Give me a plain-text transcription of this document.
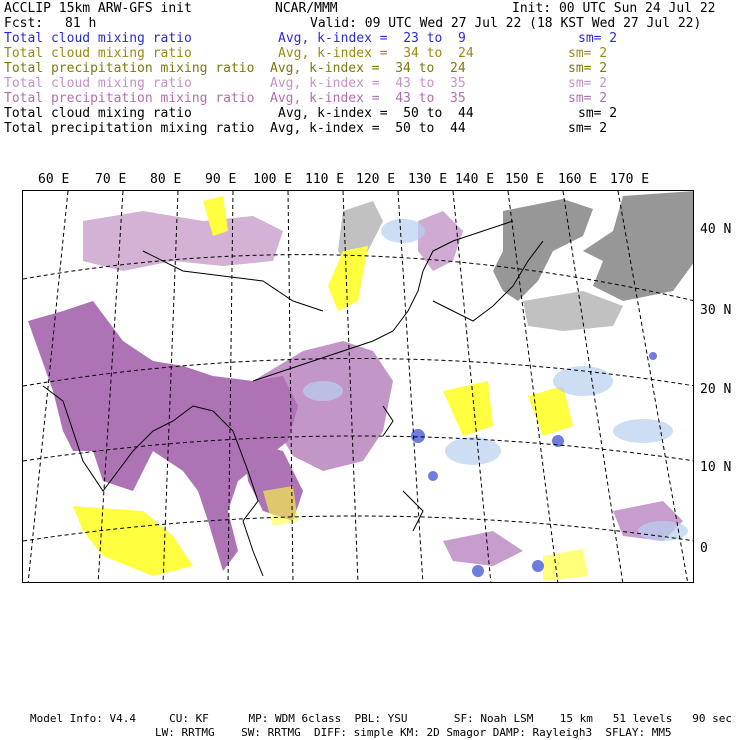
ACCLIP 15km ARW-GFS init	NCAR/MMM	Init: 00 UTC Sun 24 Jul 22
Fcst: 81 h	Valid: 09 UTC Wed 27 Jul 22 (18 KST Wed 27 Jul 22)
Total cloud mixing ratio	Avg, k-index =  23 to  9	sm= 2
Total cloud mixing ratio	Avg, k-index =  34 to  24	sm= 2
Total precipitation mixing ratio Avg, k-index =  34 to  24	sm= 2
Total cloud mixing ratio	Avg, k-index =  43 to  35	sm= 2
Total precipitation mixing ratio Avg, k-index =  43 to  35	sm= 2
Total cloud mixing ratio	Avg, k-index =  50 to  44	sm= 2
Total precipitation mixing ratio Avg, k-index =  50 to  44	sm= 2
60 E 70 E 80 E 90 E 100 E 110 E 120 E 130 E 140 E 150 E 160 E 170 E
40 N
30 N
20 N
10 N
0
Model Info: V4.4     CU: KF      MP: WDM 6class  PBL: YSU       SF: Noah LSM    15 km   51 levels   90 sec
LW: RRTMG    SW: RRTMG  DIFF: simple KM: 2D Smagor DAMP: Rayleigh3  SFLAY: MM5
